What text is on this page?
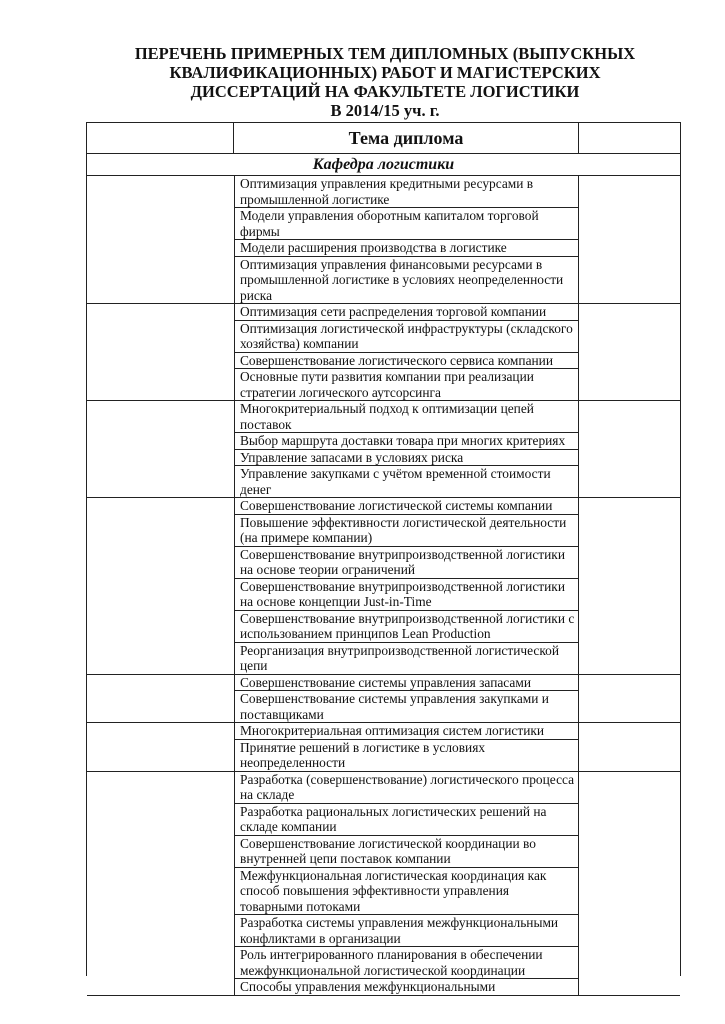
ПЕРЕЧЕНЬ ПРИМЕРНЫХ ТЕМ ДИПЛОМНЫХ (ВЫПУСКНЫХ
КВАЛИФИКАЦИОННЫХ) РАБОТ И МАГИСТЕРСКИХ
ДИССЕРТАЦИЙ НА ФАКУЛЬТЕТЕ ЛОГИСТИКИ
В 2014/15 уч. г.
Тема диплома
Кафедра логистики
Оптимизация управления кредитными ресурсами в промышленной логистике
Модели управления оборотным капиталом торговой фирмы
Модели расширения производства в логистике
Оптимизация управления финансовыми ресурсами в промышленной логистике в условиях неопределенности риска
Оптимизация сети распределения торговой компании
Оптимизация логистической инфраструктуры (складского хозяйства) компании
Совершенствование логистического сервиса компании
Основные пути развития компании при реализации стратегии логического аутсорсинга
Многокритериальный подход к оптимизации цепей поставок
Выбор маршрута доставки товара при многих критериях
Управление запасами в условиях риска
Управление закупками с учётом временной стоимости денег
Совершенствование логистической системы компании
Повышение эффективности логистической деятельности (на примере компании)
Совершенствование внутрипроизводственной логистики на основе теории ограничений
Совершенствование внутрипроизводственной логистики на основе концепции Just-in-Time
Совершенствование внутрипроизводственной логистики с использованием принципов Lean Production
Реорганизация внутрипроизводственной логистической цепи
Совершенствование системы управления запасами
Совершенствование системы управления закупками и поставщиками
Многокритериальная оптимизация систем логистики
Принятие решений в логистике в условиях неопределенности
Разработка (совершенствование) логистического процесса на складе
Разработка рациональных логистических решений на складе компании
Совершенствование логистической координации во внутренней цепи поставок компании
Межфункциональная логистическая координация как способ повышения эффективности управления товарными потоками
Разработка системы управления межфункциональными конфликтами в организации
Роль интегрированного планирования в обеспечении межфункциональной логистической координации
Способы управления межфункциональными
